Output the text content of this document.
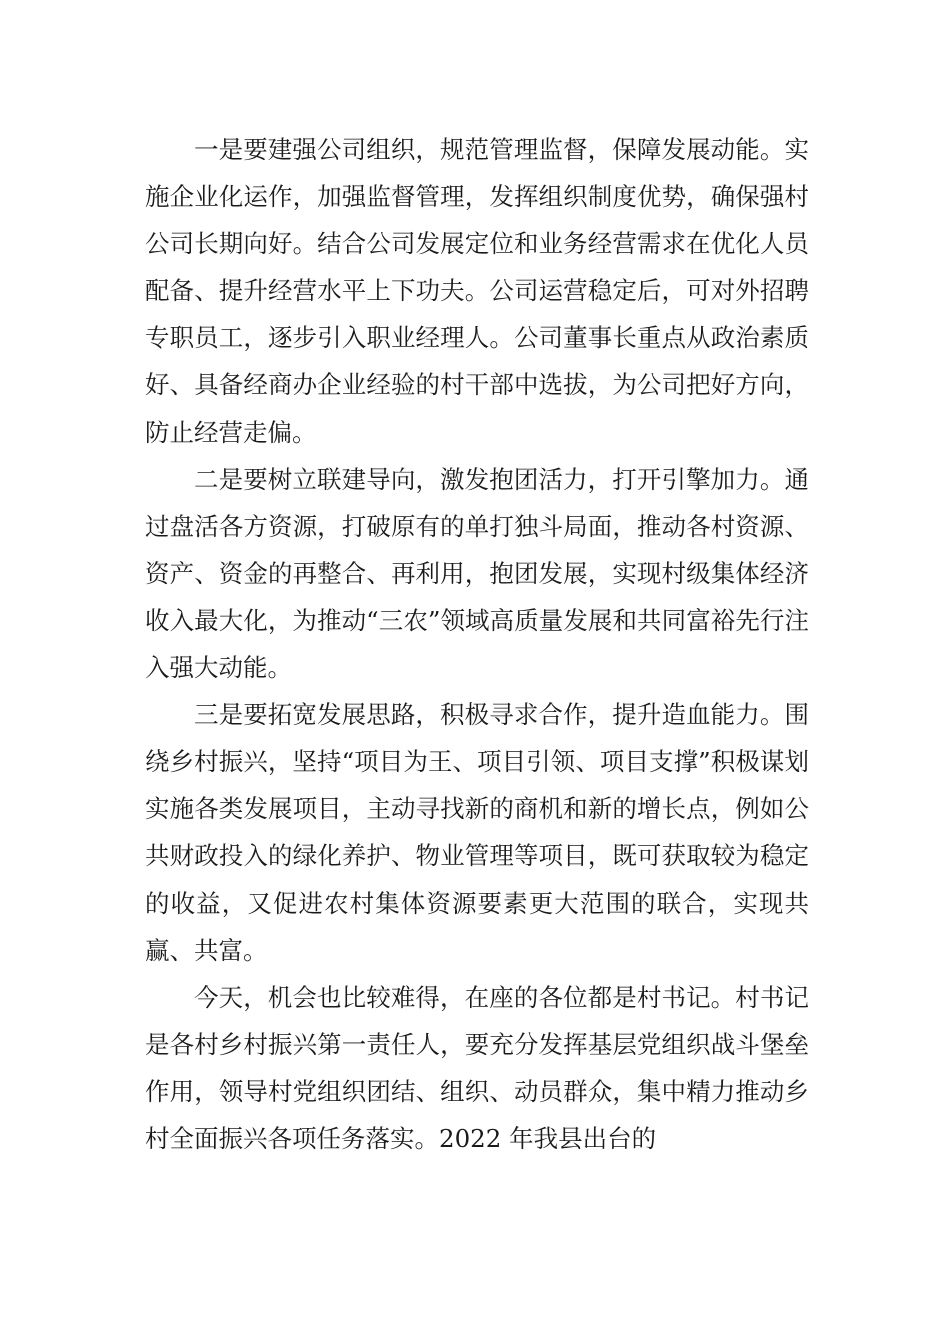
一是要建强公司组织，规范管理监督，保障发展动能。实施企业化运作，加强监督管理，发挥组织制度优势，确保强村公司长期向好。结合公司发展定位和业务经营需求在优化人员配备、提升经营水平上下功夫。公司运营稳定后，可对外招聘专职员工，逐步引入职业经理人。公司董事长重点从政治素质好、具备经商办企业经验的村干部中选拔，为公司把好方向，防止经营走偏。

二是要树立联建导向，激发抱团活力，打开引擎加力。通过盘活各方资源，打破原有的单打独斗局面，推动各村资源、资产、资金的再整合、再利用，抱团发展，实现村级集体经济收入最大化，为推动“三农”领域高质量发展和共同富裕先行注入强大动能。

三是要拓宽发展思路，积极寻求合作，提升造血能力。围绕乡村振兴，坚持“项目为王、项目引领、项目支撑”积极谋划实施各类发展项目，主动寻找新的商机和新的增长点，例如公共财政投入的绿化养护、物业管理等项目，既可获取较为稳定的收益，又促进农村集体资源要素更大范围的联合，实现共赢、共富。

今天，机会也比较难得，在座的各位都是村书记。村书记是各村乡村振兴第一责任人，要充分发挥基层党组织战斗堡垒作用，领导村党组织团结、组织、动员群众，集中精力推动乡村全面振兴各项任务落实。2022 年我县出台的
